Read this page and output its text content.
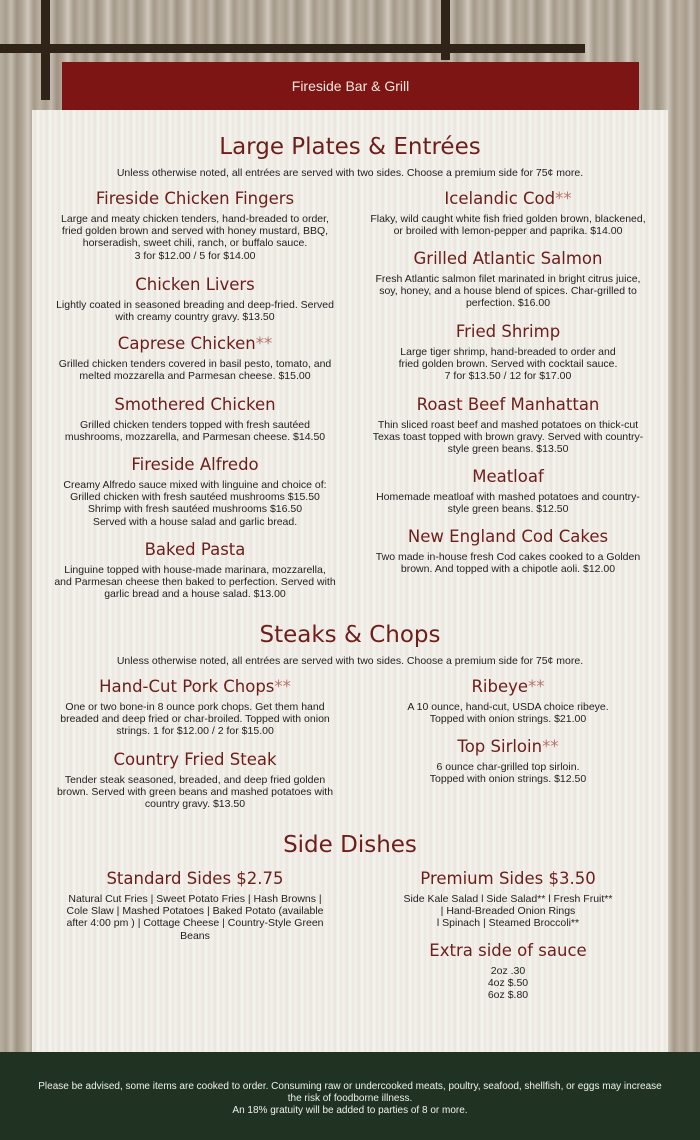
Fireside Bar & Grill
Large Plates & Entrées
Unless otherwise noted, all entrées are served with two sides. Choose a premium side for 75¢ more.
Fireside Chicken Fingers
Large and meaty chicken tenders, hand-breaded to order,
fried golden brown and served with honey mustard, BBQ,
horseradish, sweet chili, ranch, or buffalo sauce.
3 for $12.00 / 5 for $14.00
Chicken Livers
Lightly coated in seasoned breading and deep-fried. Served
with creamy country gravy. $13.50
Caprese Chicken**
Grilled chicken tenders covered in basil pesto, tomato, and
melted mozzarella and Parmesan cheese. $15.00
Smothered Chicken
Grilled chicken tenders topped with fresh sautéed
mushrooms, mozzarella, and Parmesan cheese. $14.50
Fireside Alfredo
Creamy Alfredo sauce mixed with linguine and choice of:
Grilled chicken with fresh sautéed mushrooms $15.50
Shrimp with fresh sautéed mushrooms $16.50
Served with a house salad and garlic bread.
Baked Pasta
Linguine topped with house-made marinara, mozzarella,
and Parmesan cheese then baked to perfection. Served with
garlic bread and a house salad. $13.00
Icelandic Cod**
Flaky, wild caught white fish fried golden brown, blackened,
or broiled with lemon-pepper and paprika. $14.00
Grilled Atlantic Salmon
Fresh Atlantic salmon filet marinated in bright citrus juice,
soy, honey, and a house blend of spices. Char-grilled to
perfection. $16.00
Fried Shrimp
Large tiger shrimp, hand-breaded to order and
fried golden brown. Served with cocktail sauce.
7 for $13.50 / 12 for $17.00
Roast Beef Manhattan
Thin sliced roast beef and mashed potatoes on thick-cut
Texas toast topped with brown gravy. Served with country-
style green beans. $13.50
Meatloaf
Homemade meatloaf with mashed potatoes and country-
style green beans. $12.50
New England Cod Cakes
Two made in-house fresh Cod cakes cooked to a Golden
brown. And topped with a chipotle aoli. $12.00
Steaks & Chops
Unless otherwise noted, all entrées are served with two sides. Choose a premium side for 75¢ more.
Hand-Cut Pork Chops**
One or two bone-in 8 ounce pork chops. Get them hand
breaded and deep fried or char-broiled. Topped with onion
strings. 1 for $12.00 / 2 for $15.00
Country Fried Steak
Tender steak seasoned, breaded, and deep fried golden
brown. Served with green beans and mashed potatoes with
country gravy. $13.50
Ribeye**
A 10 ounce, hand-cut, USDA choice ribeye.
Topped with onion strings. $21.00
Top Sirloin**
6 ounce char-grilled top sirloin.
Topped with onion strings. $12.50
Side Dishes
Standard Sides $2.75
Natural Cut Fries | Sweet Potato Fries | Hash Browns |
Cole Slaw | Mashed Potatoes | Baked Potato (available
after 4:00 pm ) | Cottage Cheese | Country-Style Green
Beans
Premium Sides $3.50
Side Kale Salad l Side Salad** l Fresh Fruit**
| Hand-Breaded Onion Rings
l Spinach | Steamed Broccoli**
Extra side of sauce
2oz .30
4oz $.50
6oz $.80

Please be advised, some items are cooked to order. Consuming raw or undercooked meats, poultry, seafood, shellfish, or eggs may increase the risk of foodborne illness.

An 18% gratuity will be added to parties of 8 or more.
